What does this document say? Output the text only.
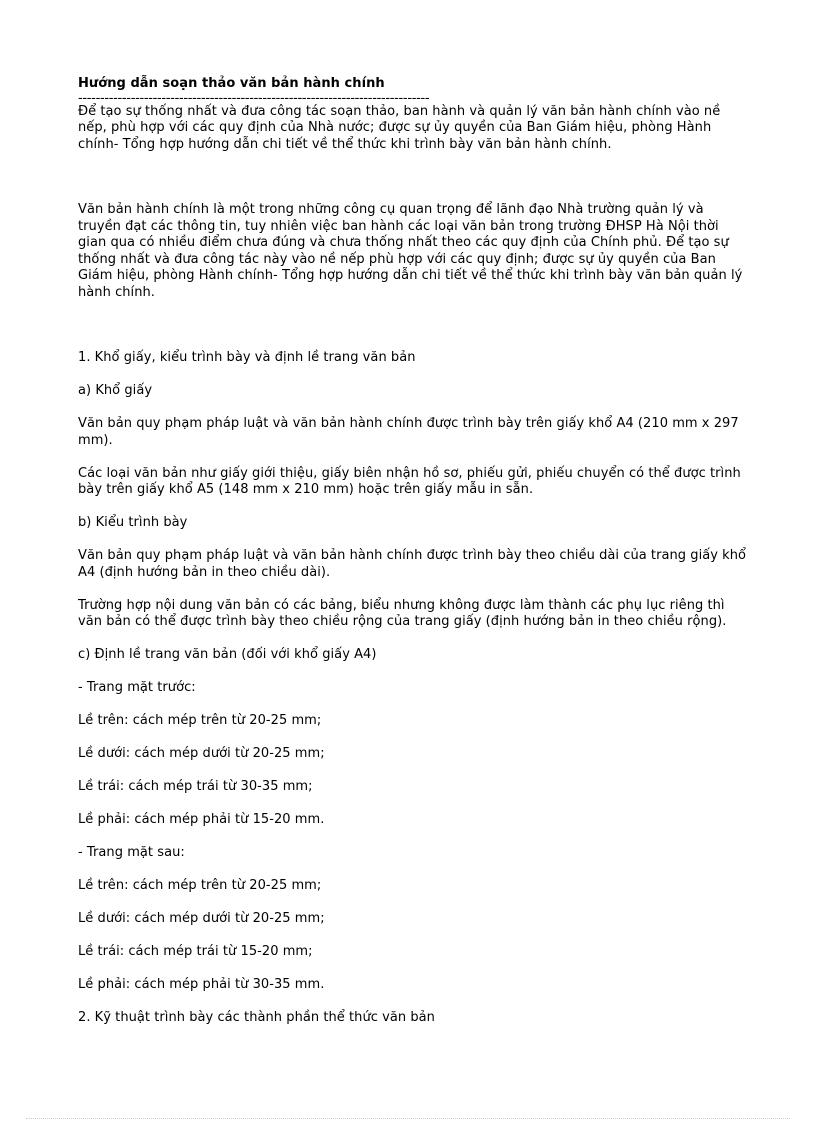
Hướng dẫn soạn thảo văn bản hành chính

--------------------------------------------------------------------------------

Để tạo sự thống nhất và đưa công tác soạn thảo, ban hành và quản lý văn bản hành chính vào nề nếp, phù hợp với các quy định của Nhà nước; được sự ủy quyền của Ban Giám hiệu, phòng Hành chính- Tổng hợp hướng dẫn chi tiết về thể thức khi trình bày văn bản hành chính.

Văn bản hành chính là một trong những công cụ quan trọng để lãnh đạo Nhà trường quản lý và truyền đạt các thông tin, tuy nhiên việc ban hành các loại văn bản trong trường ĐHSP Hà Nội thời gian qua có nhiều điểm chưa đúng và chưa thống nhất theo các quy định của Chính phủ. Để tạo sự thống nhất và đưa công tác này vào nề nếp phù hợp với các quy định; được sự ủy quyền của Ban Giám hiệu, phòng Hành chính- Tổng hợp hướng dẫn chi tiết về thể thức khi trình bày văn bản quản lý hành chính.

1. Khổ giấy, kiểu trình bày và định lề trang văn bản

a) Khổ giấy

Văn bản quy phạm pháp luật và văn bản hành chính được trình bày trên giấy khổ A4 (210 mm x 297 mm).

Các loại văn bản như giấy giới thiệu, giấy biên nhận hồ sơ, phiếu gửi, phiếu chuyển có thể được trình bày trên giấy khổ A5 (148 mm x 210 mm) hoặc trên giấy mẫu in sẵn.

b) Kiểu trình bày

Văn bản quy phạm pháp luật và văn bản hành chính được trình bày theo chiều dài của trang giấy khổ A4 (định hướng bản in theo chiều dài).

Trường hợp nội dung văn bản có các bảng, biểu nhưng không được làm thành các phụ lục riêng thì văn bản có thể được trình bày theo chiều rộng của trang giấy (định hướng bản in theo chiều rộng).

c) Định lề trang văn bản (đối với khổ giấy A4)

- Trang mặt trước:

Lề trên: cách mép trên từ 20-25 mm;

Lề dưới: cách mép dưới từ 20-25 mm;

Lề trái: cách mép trái từ 30-35 mm;

Lề phải: cách mép phải từ 15-20 mm.

- Trang mặt sau:

Lề trên: cách mép trên từ 20-25 mm;

Lề dưới: cách mép dưới từ 20-25 mm;

Lề trái: cách mép trái từ 15-20 mm;

Lề phải: cách mép phải từ 30-35 mm.

2. Kỹ thuật trình bày các thành phần thể thức văn bản
